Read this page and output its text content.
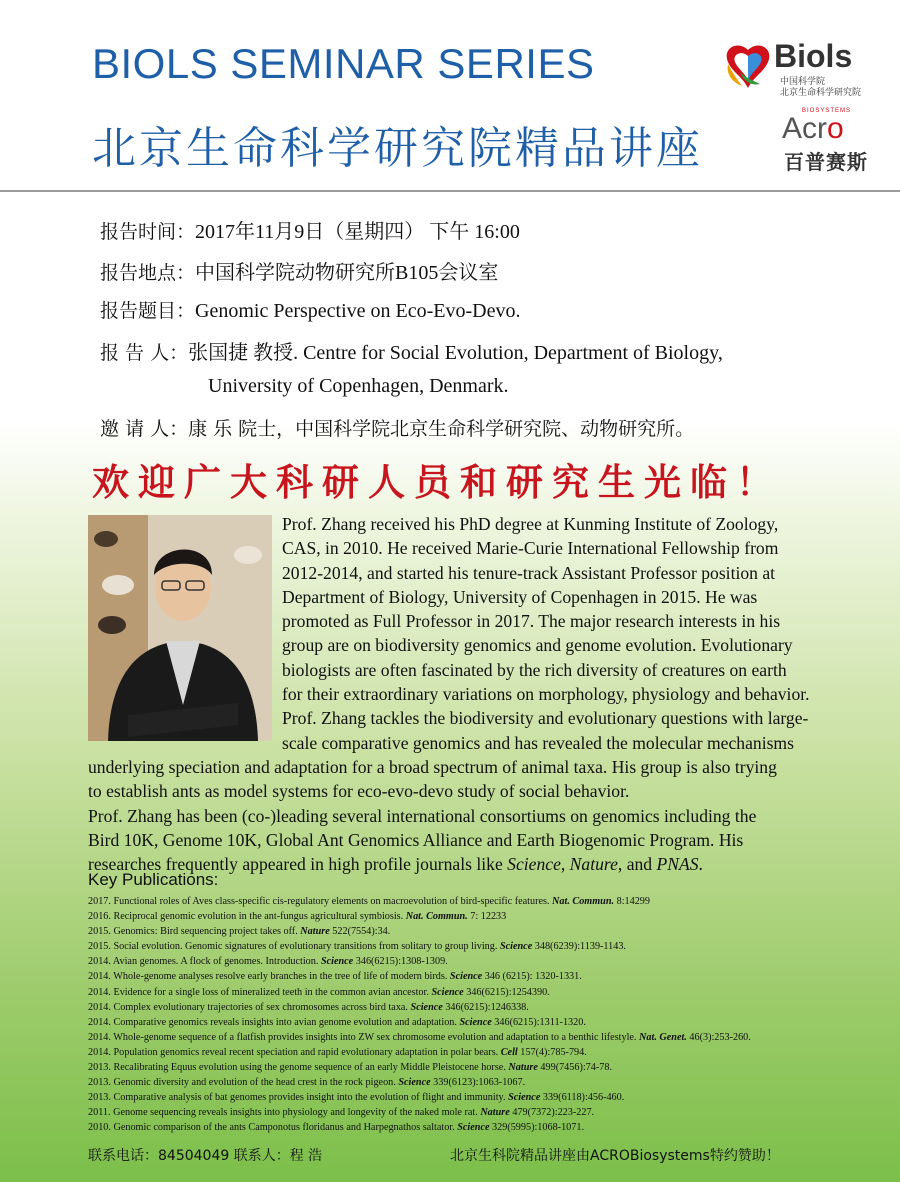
BIOLS SEMINAR SERIES
北京生命科学研究院精品讲座
Biols
中国科学院
北京生命科学研究院
BIOSYSTEMS
Acro
百普赛斯
报告时间：2017年11月9日（星期四） 下午 16:00
报告地点：中国科学院动物研究所B105会议室
报告题目：Genomic Perspective on Eco-Evo-Devo.
报 告 人：张国捷 教授. Centre for Social Evolution, Department of Biology,
University of Copenhagen, Denmark.
邀 请 人：康 乐 院士，中国科学院北京生命科学研究院、动物研究所。
欢迎广大科研人员和研究生光临！
Prof. Zhang received his PhD degree at Kunming Institute of Zoology,
CAS, in 2010. He received Marie-Curie International Fellowship from
2012-2014, and started his tenure-track Assistant Professor position at
Department of Biology, University of Copenhagen in 2015. He was
promoted as Full Professor in 2017. The major research interests in his
group are on biodiversity genomics and genome evolution. Evolutionary
biologists are often fascinated by the rich diversity of creatures on earth
for their extraordinary variations on morphology, physiology and behavior.
Prof. Zhang tackles the biodiversity and evolutionary questions with large-
scale comparative genomics and has revealed the molecular mechanisms
underlying speciation and adaptation for a broad spectrum of animal taxa. His group is also trying
to establish ants as model systems for eco-evo-devo study of social behavior.
Prof. Zhang has been (co-)leading several international consortiums on genomics including the
Bird 10K, Genome 10K, Global Ant Genomics Alliance and Earth Biogenomic Program. His
researches frequently appeared in high profile journals like Science, Nature, and PNAS.
Key Publications:
2017. Functional roles of Aves class-specific cis-regulatory elements on macroevolution of bird-specific features. Nat. Commun. 8:14299
2016. Reciprocal genomic evolution in the ant-fungus agricultural symbiosis. Nat. Commun. 7: 12233
2015. Genomics: Bird sequencing project takes off. Nature 522(7554):34.
2015. Social evolution. Genomic signatures of evolutionary transitions from solitary to group living. Science 348(6239):1139-1143.
2014. Avian genomes. A flock of genomes. Introduction. Science 346(6215):1308-1309.
2014. Whole-genome analyses resolve early branches in the tree of life of modern birds. Science 346 (6215): 1320-1331.
2014. Evidence for a single loss of mineralized teeth in the common avian ancestor. Science 346(6215):1254390.
2014. Complex evolutionary trajectories of sex chromosomes across bird taxa. Science 346(6215):1246338.
2014. Comparative genomics reveals insights into avian genome evolution and adaptation. Science 346(6215):1311-1320.
2014. Whole-genome sequence of a flatfish provides insights into ZW sex chromosome evolution and adaptation to a benthic lifestyle. Nat. Genet. 46(3):253-260.
2014. Population genomics reveal recent speciation and rapid evolutionary adaptation in polar bears. Cell 157(4):785-794.
2013. Recalibrating Equus evolution using the genome sequence of an early Middle Pleistocene horse. Nature 499(7456):74-78.
2013. Genomic diversity and evolution of the head crest in the rock pigeon. Science 339(6123):1063-1067.
2013. Comparative analysis of bat genomes provides insight into the evolution of flight and immunity. Science 339(6118):456-460.
2011. Genome sequencing reveals insights into physiology and longevity of the naked mole rat. Nature 479(7372):223-227.
2010. Genomic comparison of the ants Camponotus floridanus and Harpegnathos saltator. Science 329(5995):1068-1071.
联系电话：84504049 联系人：程 浩	北京生科院精品讲座由ACROBiosystems特约赞助！
